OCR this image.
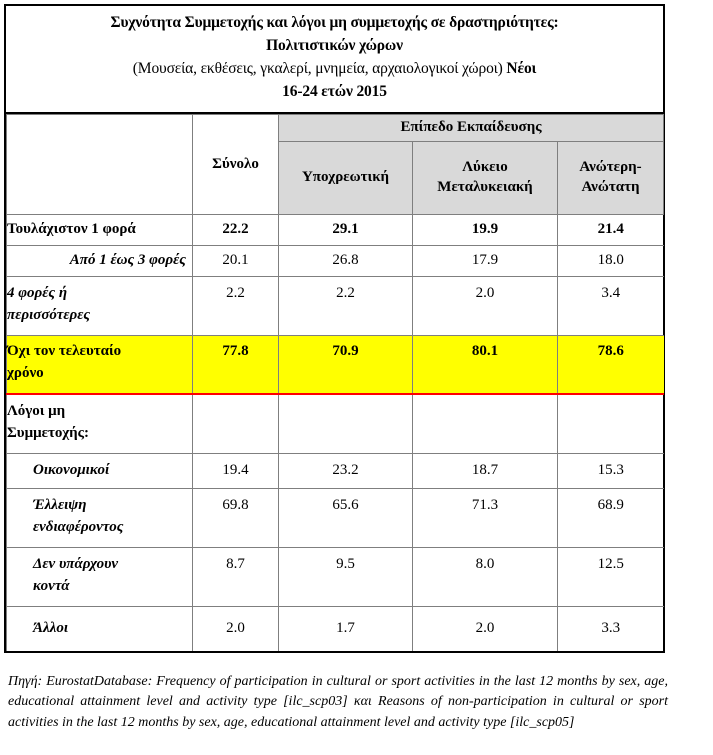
Συχνότητα Συμμετοχής και λόγοι μη συμμετοχής σε δραστηριότητες:
Πολιτιστικών χώρων
(Μουσεία, εκθέσεις, γκαλερί, μνημεία, αρχαιολογικοί χώροι) Νέοι
16-24 ετών 2015
	Σύνολο	Επίπεδο Εκπαίδευσης		
		Υποχρεωτική	Λύκειο Μεταλυκειακή	Ανώτερη-Ανώτατη
Τουλάχιστον 1 φορά	22.2	29.1	19.9	21.4
Από 1 έως 3 φορές	20.1	26.8	17.9	18.0

4 φορές ή
περισσότερες	2.2	2.2	2.0	3.4

Όχι τον τελευταίο
χρόνο	77.8	70.9	80.1	78.6

Λόγοι μη
Συμμετοχής:				

Οικονομικοί	19.4	23.2	18.7	15.3

Έλλειψη
ενδιαφέροντος	69.8	65.6	71.3	68.9

Δεν υπάρχουν
κοντά	8.7	9.5	8.0	12.5
Άλλοι	2.0	1.7	2.0	3.3
Πηγή: EurostatDatabase: Frequency of participation in cultural or sport activities in the last 12 months by sex, age, educational attainment level and activity type [ilc_scp03] και Reasons of non-participation in cultural or sport activities in the last 12 months by sex, age, educational attainment level and activity type [ilc_scp05]
